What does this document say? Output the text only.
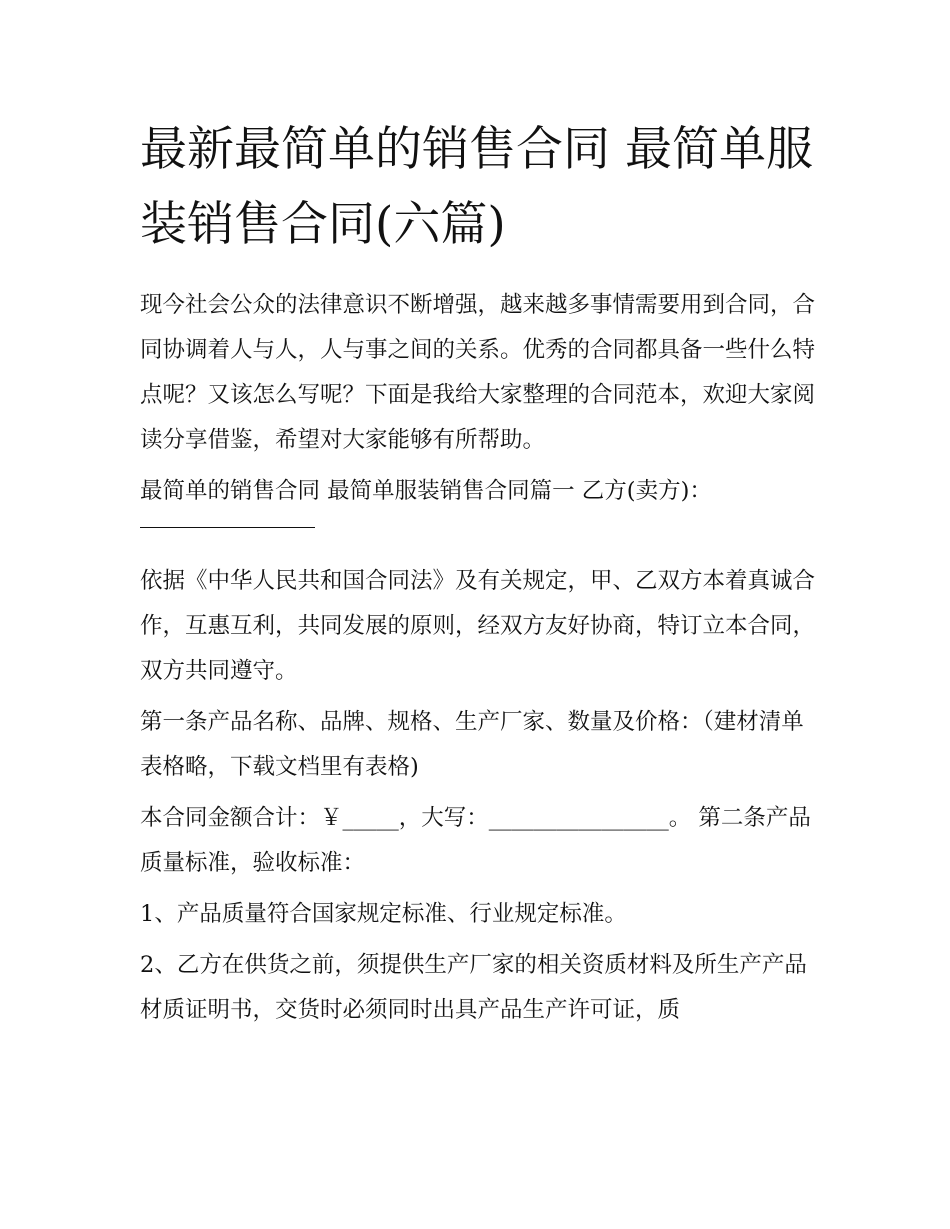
最新最简单的销售合同 最简单服装销售合同(六篇)

现今社会公众的法律意识不断增强，越来越多事情需要用到合同，合同协调着人与人，人与事之间的关系。优秀的合同都具备一些什么特点呢？又该怎么写呢？下面是我给大家整理的合同范本，欢迎大家阅读分享借鉴，希望对大家能够有所帮助。

最简单的销售合同 最简单服装销售合同篇一 乙方(卖方)：

依据《中华人民共和国合同法》及有关规定，甲、乙双方本着真诚合作，互惠互利，共同发展的原则，经双方友好协商，特订立本合同，双方共同遵守。

第一条产品名称、品牌、规格、生产厂家、数量及价格：（建材清单表格略，下载文档里有表格)

本合同金额合计：￥_____，大写：________________。 第二条产品质量标准，验收标准：

1、产品质量符合国家规定标准、行业规定标准。

2、乙方在供货之前，须提供生产厂家的相关资质材料及所生产产品材质证明书，交货时必须同时出具产品生产许可证，质
